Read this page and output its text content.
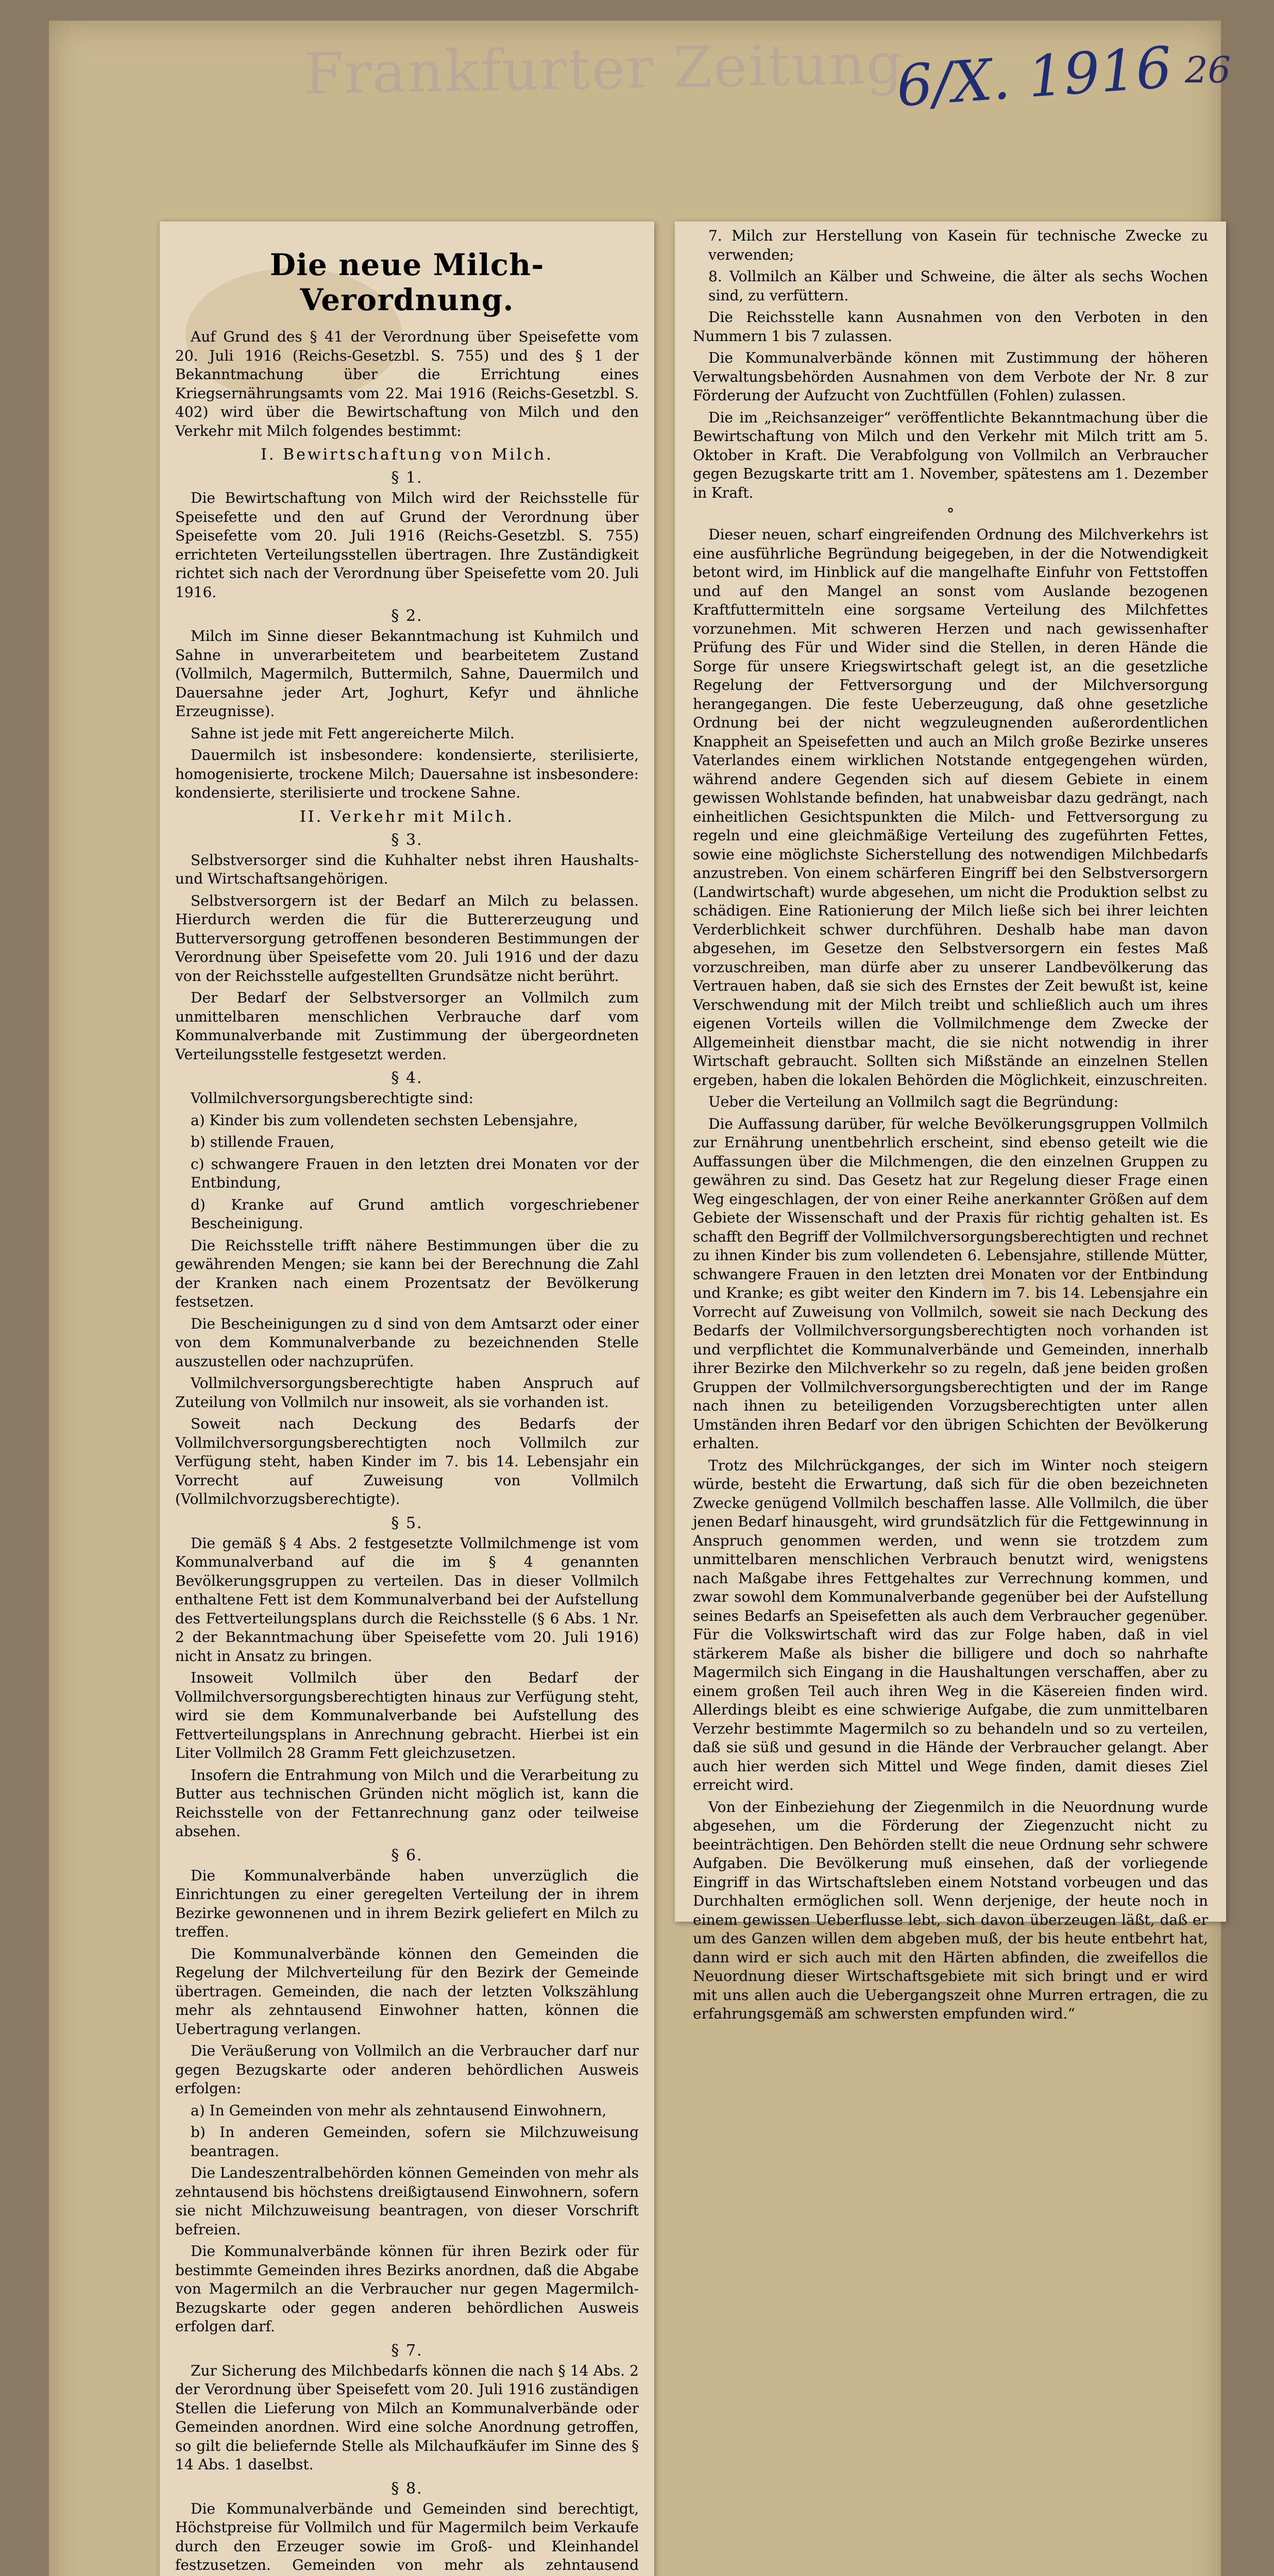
Frankfurter Zeitung
6/X. 1916 26
Die neue Milch-Verordnung.

Auf Grund des § 41 der Verordnung über Speisefette vom 20. Juli 1916 (Reichs-Gesetzbl. S. 755) und des § 1 der Bekanntmachung über die Errichtung eines Kriegsernährungsamts vom 22. Mai 1916 (Reichs-Gesetzbl. S. 402) wird über die Bewirtschaftung von Milch und den Verkehr mit Milch folgendes bestimmt:

I. Bewirtschaftung von Milch.
§ 1.

Die Bewirtschaftung von Milch wird der Reichsstelle für Speisefette und den auf Grund der Verordnung über Speisefette vom 20. Juli 1916 (Reichs-Gesetzbl. S. 755) errichteten Verteilungsstellen übertragen. Ihre Zuständigkeit richtet sich nach der Verordnung über Speisefette vom 20. Juli 1916.

§ 2.

Milch im Sinne dieser Bekanntmachung ist Kuhmilch und Sahne in unverarbeitetem und bearbeitetem Zustand (Vollmilch, Magermilch, Buttermilch, Sahne, Dauermilch und Dauersahne jeder Art, Joghurt, Kefyr und ähnliche Erzeugnisse).

Sahne ist jede mit Fett angereicherte Milch.

Dauermilch ist insbesondere: kondensierte, sterilisierte, homogenisierte, trockene Milch; Dauersahne ist insbesondere: kondensierte, sterilisierte und trockene Sahne.

II. Verkehr mit Milch.
§ 3.

Selbstversorger sind die Kuhhalter nebst ihren Haushalts- und Wirtschaftsangehörigen.

Selbstversorgern ist der Bedarf an Milch zu belassen. Hierdurch werden die für die Buttererzeugung und Butterversorgung getroffenen besonderen Bestimmungen der Verordnung über Speisefette vom 20. Juli 1916 und der dazu von der Reichsstelle aufgestellten Grundsätze nicht berührt.

Der Bedarf der Selbstversorger an Vollmilch zum unmittelbaren menschlichen Verbrauche darf vom Kommunalverbande mit Zustimmung der übergeordneten Verteilungsstelle festgesetzt werden.

§ 4.

Vollmilchversorgungsberechtigte sind:

a) Kinder bis zum vollendeten sechsten Lebensjahre,

b) stillende Frauen,

c) schwangere Frauen in den letzten drei Monaten vor der Entbindung,

d) Kranke auf Grund amtlich vorgeschriebener Bescheinigung.

Die Reichsstelle trifft nähere Bestimmungen über die zu gewährenden Mengen; sie kann bei der Berechnung die Zahl der Kranken nach einem Prozentsatz der Bevölkerung festsetzen.

Die Bescheinigungen zu d sind von dem Amtsarzt oder einer von dem Kommunalverbande zu bezeichnenden Stelle auszustellen oder nachzuprüfen.

Vollmilchversorgungsberechtigte haben Anspruch auf Zuteilung von Vollmilch nur insoweit, als sie vorhanden ist.

Soweit nach Deckung des Bedarfs der Vollmilchversorgungsberechtigten noch Vollmilch zur Verfügung steht, haben Kinder im 7. bis 14. Lebensjahr ein Vorrecht auf Zuweisung von Vollmilch (Vollmilchvorzugsberechtigte).

§ 5.

Die gemäß § 4 Abs. 2 festgesetzte Vollmilchmenge ist vom Kommunalverband auf die im § 4 genannten Bevölkerungsgruppen zu verteilen. Das in dieser Vollmilch enthaltene Fett ist dem Kommunalverband bei der Aufstellung des Fettverteilungsplans durch die Reichsstelle (§ 6 Abs. 1 Nr. 2 der Bekanntmachung über Speisefette vom 20. Juli 1916) nicht in Ansatz zu bringen.

Insoweit Vollmilch über den Bedarf der Vollmilchversorgungsberechtigten hinaus zur Verfügung steht, wird sie dem Kommunalverbande bei Aufstellung des Fettverteilungsplans in Anrechnung gebracht. Hierbei ist ein Liter Vollmilch 28 Gramm Fett gleichzusetzen.

Insofern die Entrahmung von Milch und die Verarbeitung zu Butter aus technischen Gründen nicht möglich ist, kann die Reichsstelle von der Fettanrechnung ganz oder teilweise absehen.

§ 6.

Die Kommunalverbände haben unverzüglich die Einrichtungen zu einer geregelten Verteilung der in ihrem Bezirke gewonnenen und in ihrem Bezirk geliefert en Milch zu treffen.

Die Kommunalverbände können den Gemeinden die Regelung der Milchverteilung für den Bezirk der Gemeinde übertragen. Gemeinden, die nach der letzten Volkszählung mehr als zehntausend Einwohner hatten, können die Uebertragung verlangen.

Die Veräußerung von Vollmilch an die Verbraucher darf nur gegen Bezugskarte oder anderen behördlichen Ausweis erfolgen:

a) In Gemeinden von mehr als zehntausend Einwohnern,

b) In anderen Gemeinden, sofern sie Milchzuweisung beantragen.

Die Landeszentralbehörden können Gemeinden von mehr als zehntausend bis höchstens dreißigtausend Einwohnern, sofern sie nicht Milchzuweisung beantragen, von dieser Vorschrift befreien.

Die Kommunalverbände können für ihren Bezirk oder für bestimmte Gemeinden ihres Bezirks anordnen, daß die Abgabe von Magermilch an die Verbraucher nur gegen Magermilch-Bezugskarte oder gegen anderen behördlichen Ausweis erfolgen darf.

§ 7.

Zur Sicherung des Milchbedarfs können die nach § 14 Abs. 2 der Verordnung über Speisefett vom 20. Juli 1916 zuständigen Stellen die Lieferung von Milch an Kommunalverbände oder Gemeinden anordnen. Wird eine solche Anordnung getroffen, so gilt die beliefernde Stelle als Milchaufkäufer im Sinne des § 14 Abs. 1 daselbst.

§ 8.

Die Kommunalverbände und Gemeinden sind berechtigt, Höchstpreise für Vollmilch und für Magermilch beim Verkaufe durch den Erzeuger sowie im Groß- und Kleinhandel festzusetzen. Gemeinden von mehr als zehntausend

7. Milch zur Herstellung von Kasein für technische Zwecke zu verwenden;

8. Vollmilch an Kälber und Schweine, die älter als sechs Wochen sind, zu verfüttern.

Die Reichsstelle kann Ausnahmen von den Verboten in den Nummern 1 bis 7 zulassen.

Die Kommunalverbände können mit Zustimmung der höheren Verwaltungsbehörden Ausnahmen von dem Verbote der Nr. 8 zur Förderung der Aufzucht von Zuchtfüllen (Fohlen) zulassen.

Die im „Reichsanzeiger“ veröffentlichte Bekanntmachung über die Bewirtschaftung von Milch und den Verkehr mit Milch tritt am 5. Oktober in Kraft. Die Verabfolgung von Vollmilch an Verbraucher gegen Bezugskarte tritt am 1. November, spätestens am 1. Dezember in Kraft.

°

Dieser neuen, scharf eingreifenden Ordnung des Milchverkehrs ist eine ausführliche Begründung beigegeben, in der die Notwendigkeit betont wird, im Hinblick auf die mangelhafte Einfuhr von Fettstoffen und auf den Mangel an sonst vom Auslande bezogenen Kraftfuttermitteln eine sorgsame Verteilung des Milchfettes vorzunehmen. Mit schweren Herzen und nach gewissenhafter Prüfung des Für und Wider sind die Stellen, in deren Hände die Sorge für unsere Kriegswirtschaft gelegt ist, an die gesetzliche Regelung der Fettversorgung und der Milchversorgung herangegangen. Die feste Ueberzeugung, daß ohne gesetzliche Ordnung bei der nicht wegzuleugnenden außerordentlichen Knappheit an Speisefetten und auch an Milch große Bezirke unseres Vaterlandes einem wirklichen Notstande entgegengehen würden, während andere Gegenden sich auf diesem Gebiete in einem gewissen Wohlstande befinden, hat unabweisbar dazu gedrängt, nach einheitlichen Gesichtspunkten die Milch- und Fettversorgung zu regeln und eine gleichmäßige Verteilung des zugeführten Fettes, sowie eine möglichste Sicherstellung des notwendigen Milchbedarfs anzustreben. Von einem schärferen Eingriff bei den Selbstversorgern (Landwirtschaft) wurde abgesehen, um nicht die Produktion selbst zu schädigen. Eine Rationierung der Milch ließe sich bei ihrer leichten Verderblichkeit schwer durchführen. Deshalb habe man davon abgesehen, im Gesetze den Selbstversorgern ein festes Maß vorzuschreiben, man dürfe aber zu unserer Landbevölkerung das Vertrauen haben, daß sie sich des Ernstes der Zeit bewußt ist, keine Verschwendung mit der Milch treibt und schließlich auch um ihres eigenen Vorteils willen die Vollmilchmenge dem Zwecke der Allgemeinheit dienstbar macht, die sie nicht notwendig in ihrer Wirtschaft gebraucht. Sollten sich Mißstände an einzelnen Stellen ergeben, haben die lokalen Behörden die Möglichkeit, einzuschreiten.

Ueber die Verteilung an Vollmilch sagt die Begründung:

Die Auffassung darüber, für welche Bevölkerungsgruppen Vollmilch zur Ernährung unentbehrlich erscheint, sind ebenso geteilt wie die Auffassungen über die Milchmengen, die den einzelnen Gruppen zu gewähren zu sind. Das Gesetz hat zur Regelung dieser Frage einen Weg eingeschlagen, der von einer Reihe anerkannter Größen auf dem Gebiete der Wissenschaft und der Praxis für richtig gehalten ist. Es schafft den Begriff der Vollmilchversorgungsberechtigten und rechnet zu ihnen Kinder bis zum vollendeten 6. Lebensjahre, stillende Mütter, schwangere Frauen in den letzten drei Monaten vor der Entbindung und Kranke; es gibt weiter den Kindern im 7. bis 14. Lebensjahre ein Vorrecht auf Zuweisung von Vollmilch, soweit sie nach Deckung des Bedarfs der Vollmilchversorgungsberechtigten noch vorhanden ist und verpflichtet die Kommunalverbände und Gemeinden, innerhalb ihrer Bezirke den Milchverkehr so zu regeln, daß jene beiden großen Gruppen der Vollmilchversorgungsberechtigten und der im Range nach ihnen zu beteiligenden Vorzugsberechtigten unter allen Umständen ihren Bedarf vor den übrigen Schichten der Bevölkerung erhalten.

Trotz des Milchrückganges, der sich im Winter noch steigern würde, besteht die Erwartung, daß sich für die oben bezeichneten Zwecke genügend Vollmilch beschaffen lasse. Alle Vollmilch, die über jenen Bedarf hinausgeht, wird grundsätzlich für die Fettgewinnung in Anspruch genommen werden, und wenn sie trotzdem zum unmittelbaren menschlichen Verbrauch benutzt wird, wenigstens nach Maßgabe ihres Fettgehaltes zur Verrechnung kommen, und zwar sowohl dem Kommunalverbande gegenüber bei der Aufstellung seines Bedarfs an Speisefetten als auch dem Verbraucher gegenüber. Für die Volkswirtschaft wird das zur Folge haben, daß in viel stärkerem Maße als bisher die billigere und doch so nahrhafte Magermilch sich Eingang in die Haushaltungen verschaffen, aber zu einem großen Teil auch ihren Weg in die Käsereien finden wird. Allerdings bleibt es eine schwierige Aufgabe, die zum unmittelbaren Verzehr bestimmte Magermilch so zu behandeln und so zu verteilen, daß sie süß und gesund in die Hände der Verbraucher gelangt. Aber auch hier werden sich Mittel und Wege finden, damit dieses Ziel erreicht wird.

Von der Einbeziehung der Ziegenmilch in die Neuordnung wurde abgesehen, um die Förderung der Ziegenzucht nicht zu beeinträchtigen. Den Behörden stellt die neue Ordnung sehr schwere Aufgaben. Die Bevölkerung muß einsehen, daß der vorliegende Eingriff in das Wirtschaftsleben einem Notstand vorbeugen und das Durchhalten ermöglichen soll. Wenn derjenige, der heute noch in einem gewissen Ueberflusse lebt, sich davon überzeugen läßt, daß er um des Ganzen willen dem abgeben muß, der bis heute entbehrt hat, dann wird er sich auch mit den Härten abfinden, die zweifellos die Neuordnung dieser Wirtschaftsgebiete mit sich bringt und er wird mit uns allen auch die Uebergangszeit ohne Murren ertragen, die zu erfahrungsgemäß am schwersten empfunden wird.“
